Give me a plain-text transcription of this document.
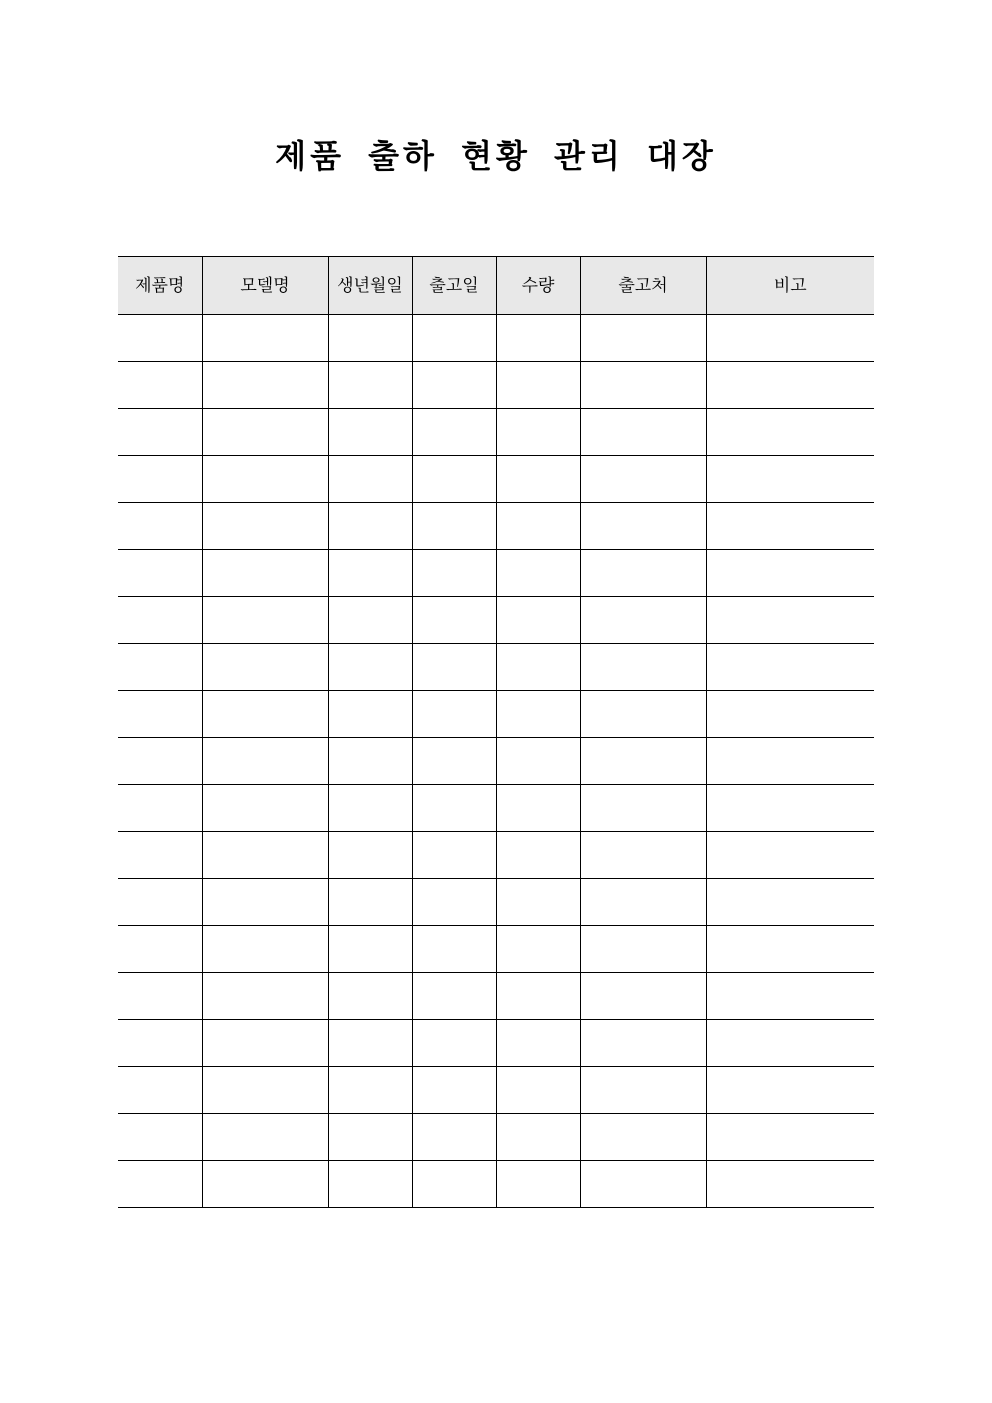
제품 출하 현황 관리 대장
제품명	모델명	생년월일	출고일	수량	출고처	비고
